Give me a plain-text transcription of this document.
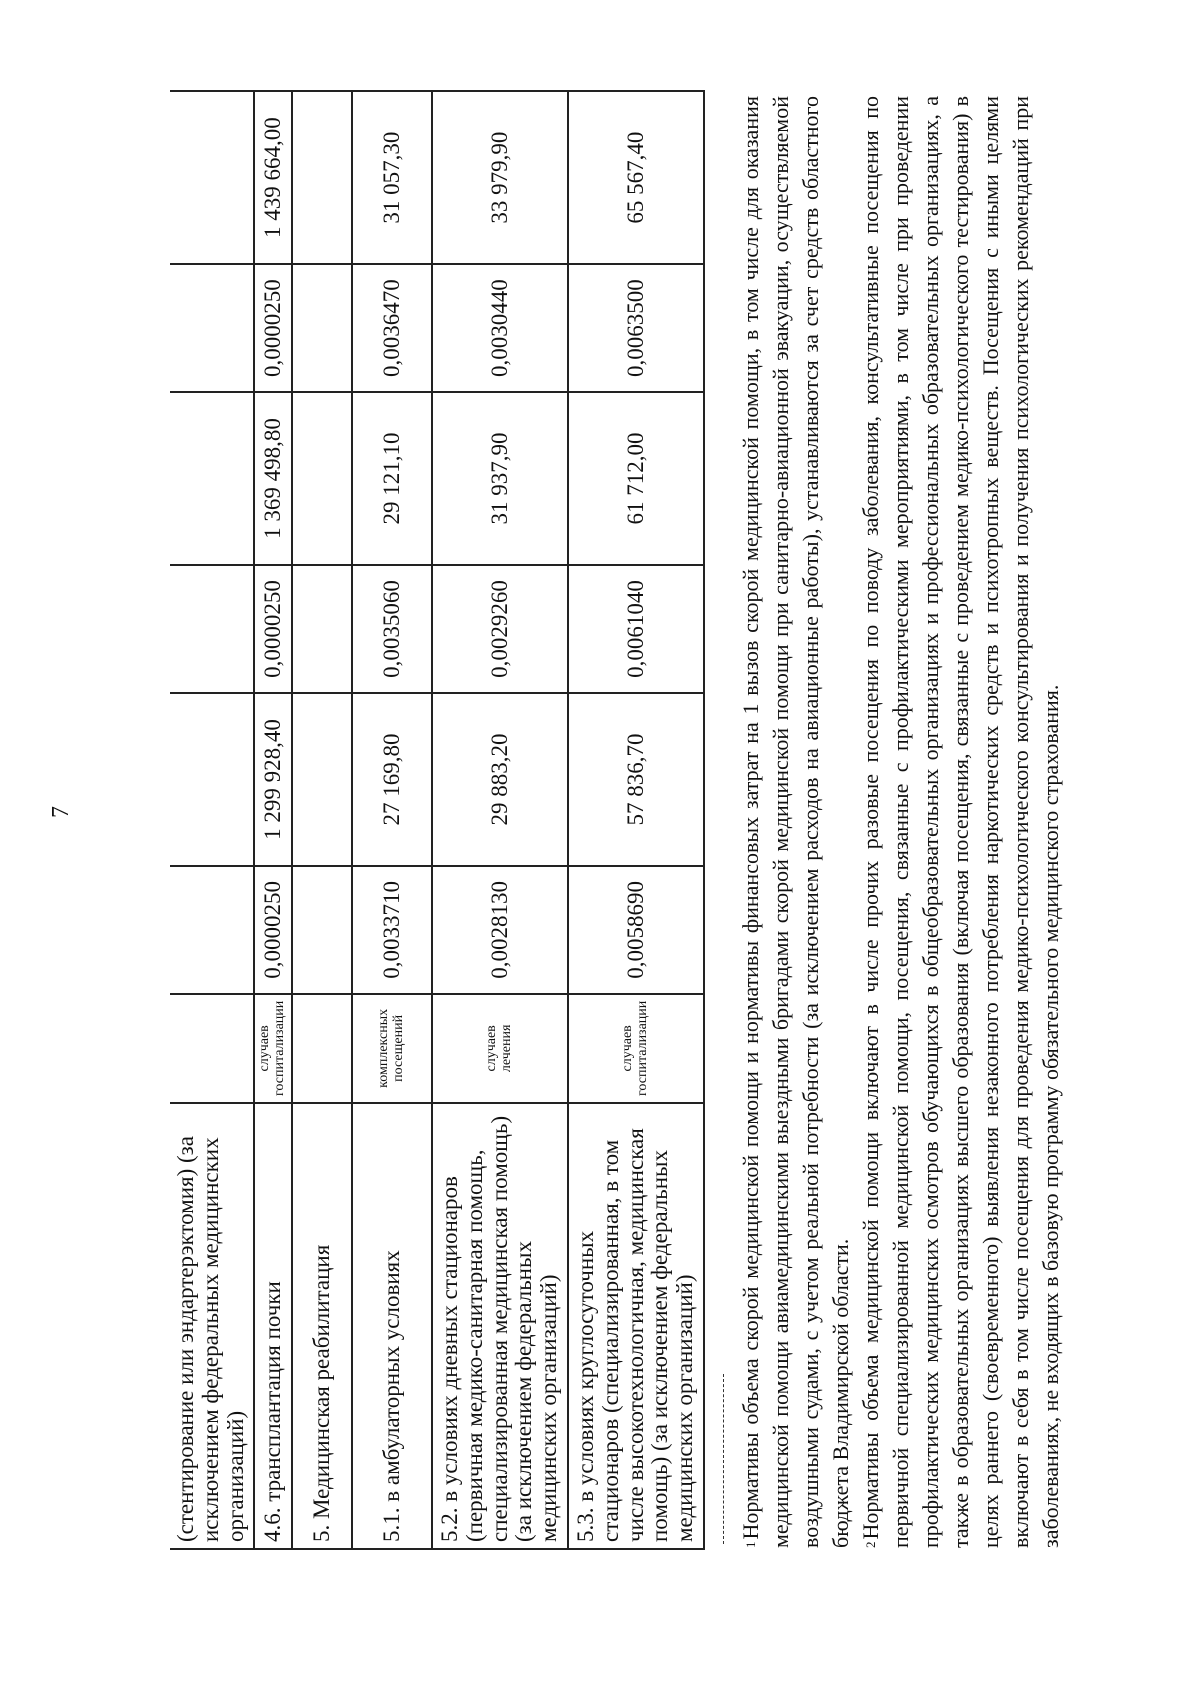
7
(стентирование или эндартерэктомия) (за исключением федеральных медицинских организаций)							
4.6. трансплантация почки	случаев госпитализации	0,0000250	1 299 928,40	0,0000250	1 369 498,80	0,0000250	1 439 664,00
5. Медицинская реабилитация							
5.1. в амбулаторных условиях	комплексных посещений	0,0033710	27 169,80	0,0035060	29 121,10	0,0036470	31 057,30
5.2. в условиях дневных стационаров (первичная медико-санитарная помощь, специализированная медицинская помощь) (за исключением федеральных медицинских организаций)	случаев лечения	0,0028130	29 883,20	0,0029260	31 937,90	0,0030440	33 979,90
5.3. в условиях круглосуточных стационаров (специализированная, в том числе высокотехнологичная, медицинская помощь) (за исключением федеральных медицинских организаций)	случаев госпитализации	0,0058690	57 836,70	0,0061040	61 712,00	0,0063500	65 567,40

$^1$Нормативы объема скорой медицинской помощи и нормативы финансовых затрат на 1 вызов скорой медицинской помощи, в том числе для оказания медицинской помощи авиамедицинскими выездными бригадами скорой медицинской помощи при санитарно-авиационной эвакуации, осуществляемой воздушными судами, с учетом реальной потребности (за исключением расходов на авиационные работы), устанавливаются за счет средств областного бюджета Владимирской области. $^2$Нормативы объема медицинской помощи включают в числе прочих разовые посещения по поводу заболевания, консультативные посещения по первичной специализированной медицинской помощи, посещения, связанные с профилактическими мероприятиями, в том числе при проведении профилактических медицинских осмотров обучающихся в общеобразовательных организациях и профессиональных образовательных организациях, а также в образовательных организациях высшего образования (включая посещения, связанные с проведением медико-психологического тестирования) в целях раннего (своевременного) выявления незаконного потребления наркотических средств и психотропных веществ. Посещения с иными целями включают в себя в том числе посещения для проведения медико-психологического консультирования и получения психологических рекомендаций при заболеваниях, не входящих в базовую программу обязательного медицинского страхования.
